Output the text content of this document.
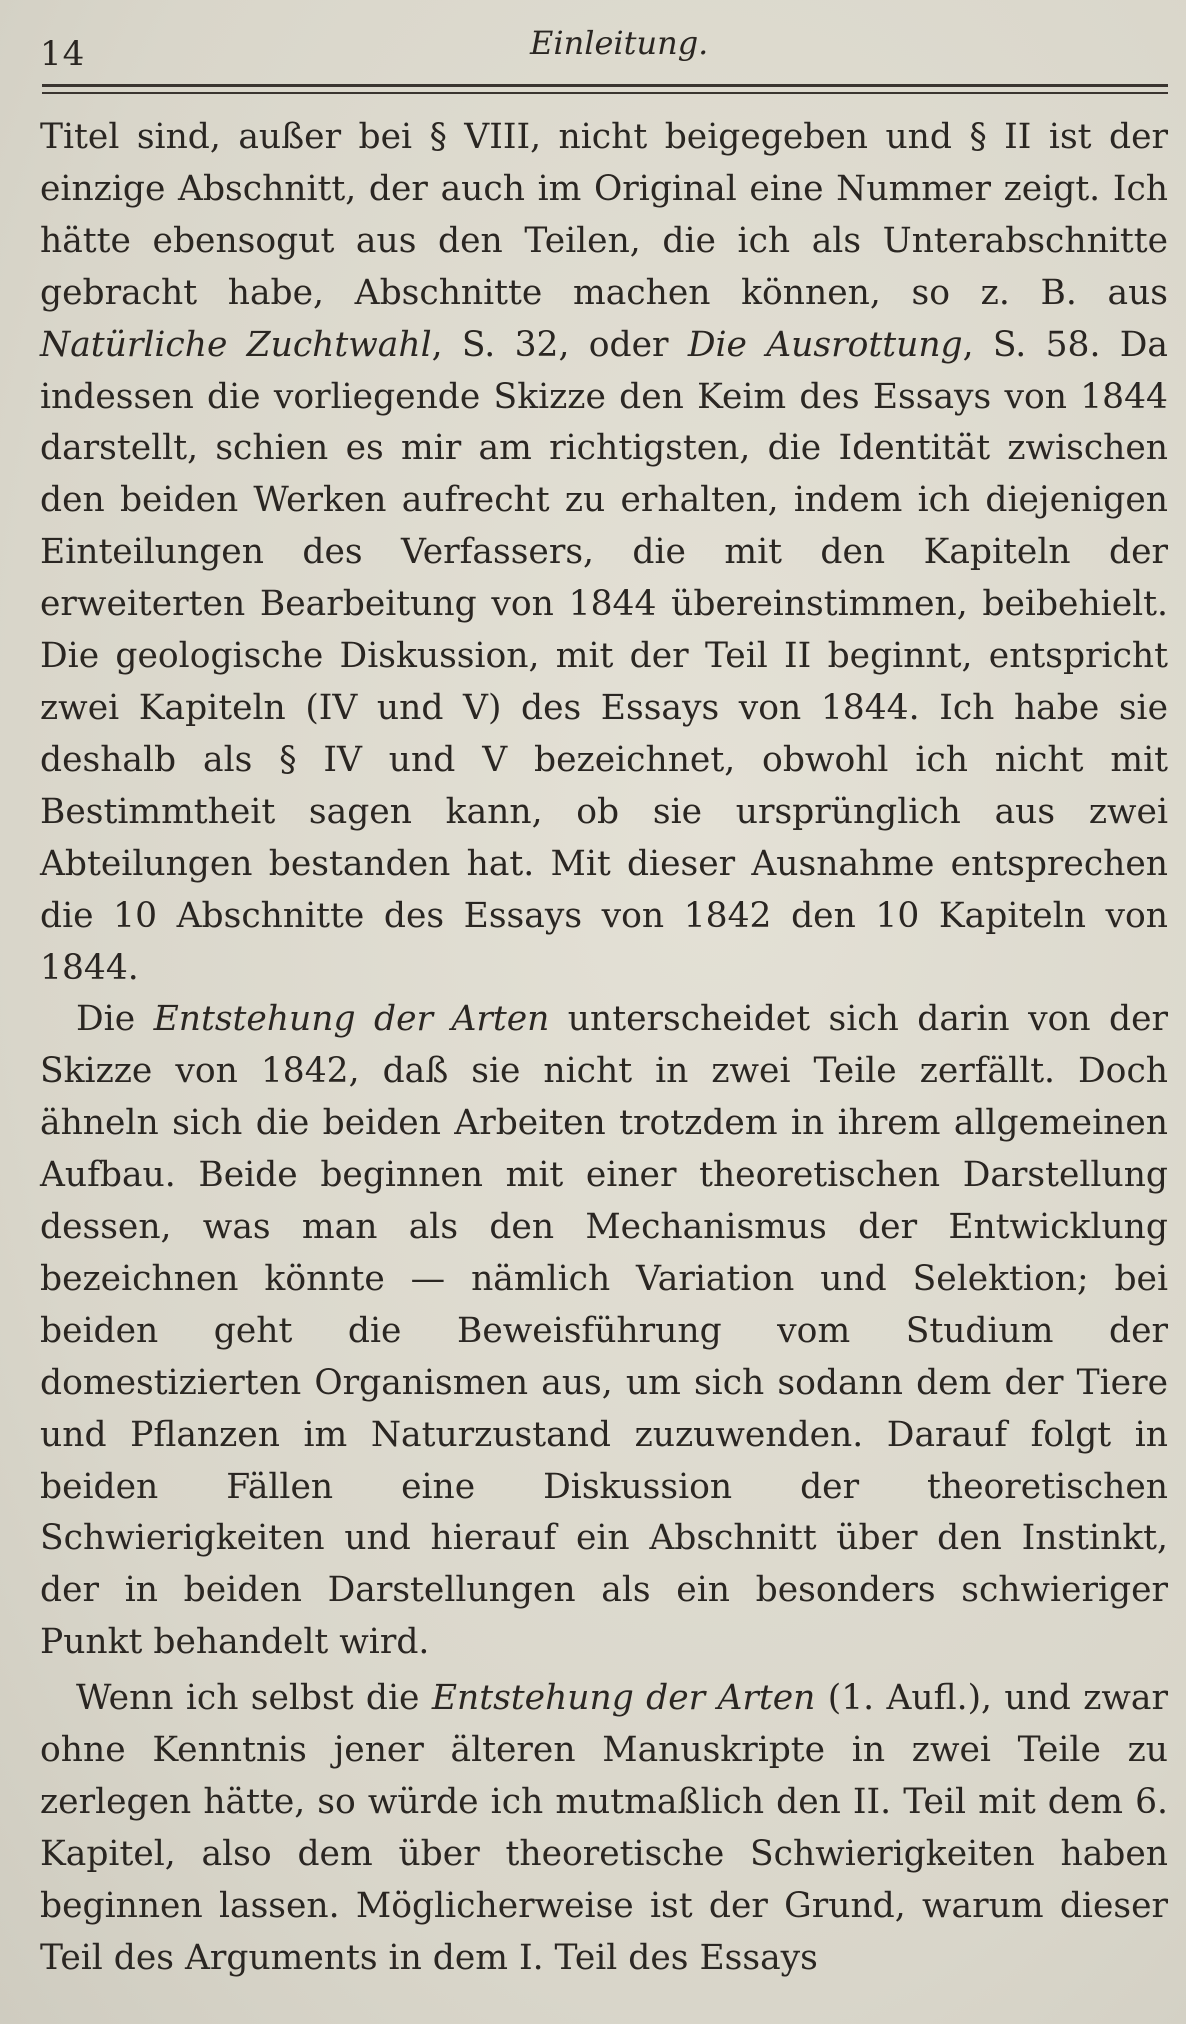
14	Einleitung.

Titel sind, außer bei § VIII, nicht beigegeben und § II ist der einzige Abschnitt, der auch im Original eine Nummer zeigt. Ich hätte ebensogut aus den Teilen, die ich als Unterabschnitte gebracht habe, Abschnitte machen können, so z. B. aus Natürliche Zuchtwahl, S. 32, oder Die Ausrottung, S. 58. Da indessen die vorliegende Skizze den Keim des Essays von 1844 darstellt, schien es mir am richtigsten, die Identität zwischen den beiden Werken aufrecht zu erhalten, indem ich diejenigen Einteilungen des Verfassers, die mit den Kapiteln der erweiterten Bearbeitung von 1844 übereinstimmen, beibehielt. Die geologische Diskussion, mit der Teil II beginnt, entspricht zwei Kapiteln (IV und V) des Essays von 1844. Ich habe sie deshalb als § IV und V bezeichnet, obwohl ich nicht mit Bestimmtheit sagen kann, ob sie ursprünglich aus zwei Abteilungen bestanden hat. Mit dieser Ausnahme entsprechen die 10 Abschnitte des Essays von 1842 den 10 Kapiteln von 1844.

Die Entstehung der Arten unterscheidet sich darin von der Skizze von 1842, daß sie nicht in zwei Teile zerfällt. Doch ähneln sich die beiden Arbeiten trotzdem in ihrem allgemeinen Aufbau. Beide beginnen mit einer theoretischen Darstellung dessen, was man als den Mechanismus der Entwicklung bezeichnen könnte — nämlich Variation und Selektion; bei beiden geht die Beweisführung vom Studium der domestizierten Organismen aus, um sich sodann dem der Tiere und Pflanzen im Naturzustand zuzuwenden. Darauf folgt in beiden Fällen eine Diskussion der theoretischen Schwierigkeiten und hierauf ein Abschnitt über den Instinkt, der in beiden Darstellungen als ein besonders schwieriger Punkt behandelt wird.

Wenn ich selbst die Entstehung der Arten (1. Aufl.), und zwar ohne Kenntnis jener älteren Manuskripte in zwei Teile zu zerlegen hätte, so würde ich mutmaßlich den II. Teil mit dem 6. Kapitel, also dem über theoretische Schwierigkeiten haben beginnen lassen. Möglicherweise ist der Grund, warum dieser Teil des Arguments in dem I. Teil des Essays
